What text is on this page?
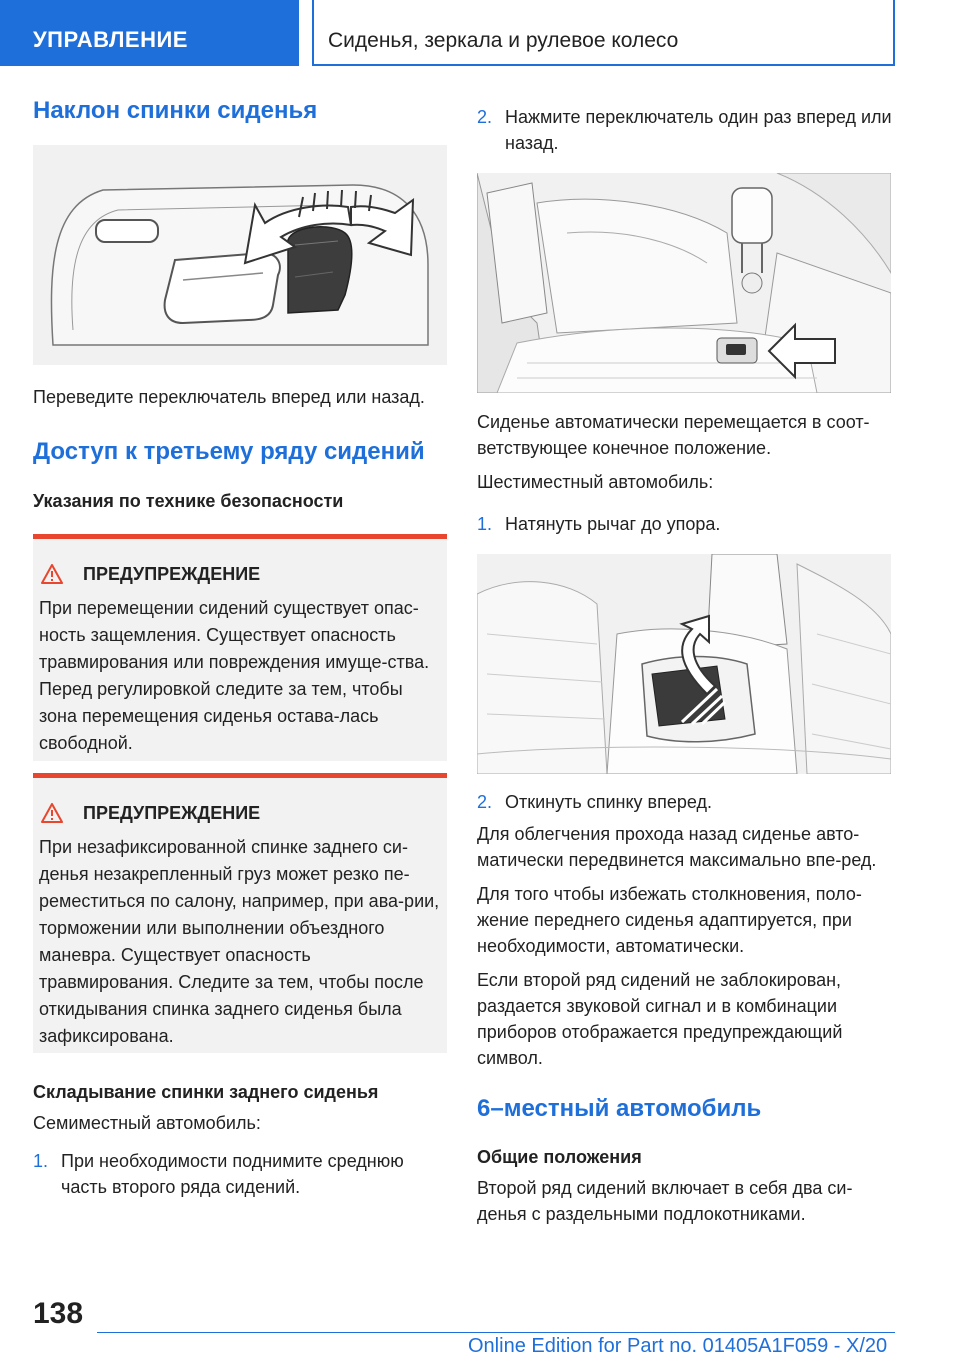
УПРАВЛЕНИЕ	Сиденья, зеркала и рулевое колесо
Наклон спинки сиденья

Переведите переключатель вперед или назад.

Доступ к третьему ряду сидений
Указания по технике безопасности
ПРЕДУПРЕЖДЕНИЕ

При перемещении сидений существует опас-ность защемления. Существует опасность травмирования или повреждения имуще-ства. Перед регулировкой следите за тем, чтобы зона перемещения сиденья остава-лась свободной.

ПРЕДУПРЕЖДЕНИЕ

При незафиксированной спинке заднего си-денья незакрепленный груз может резко пе-реместиться по салону, например, при ава-рии, торможении или выполнении объездного маневра. Существует опасность травмирования. Следите за тем, чтобы после откидывания спинка заднего сиденья была зафиксирована.

Складывание спинки заднего сиденья

Семиместный автомобиль:

1. При необходимости поднимите среднюю часть второго ряда сидений.
2. Нажмите переключатель один раз вперед или назад.

Сиденье автоматически перемещается в соот-ветствующее конечное положение.

Шестиместный автомобиль:

1. Натянуть рычаг до упора.
2. Откинуть спинку вперед.

Для облегчения прохода назад сиденье авто-матически передвинется максимально впе-ред.

Для того чтобы избежать столкновения, поло-жение переднего сиденья адаптируется, при необходимости, автоматически.

Если второй ряд сидений не заблокирован, раздается звуковой сигнал и в комбинации приборов отображается предупреждающий символ.

6–местный автомобиль
Общие положения

Второй ряд сидений включает в себя два си-денья с раздельными подлокотниками.

138
Online Edition for Part no. 01405A1F059 - X/20
